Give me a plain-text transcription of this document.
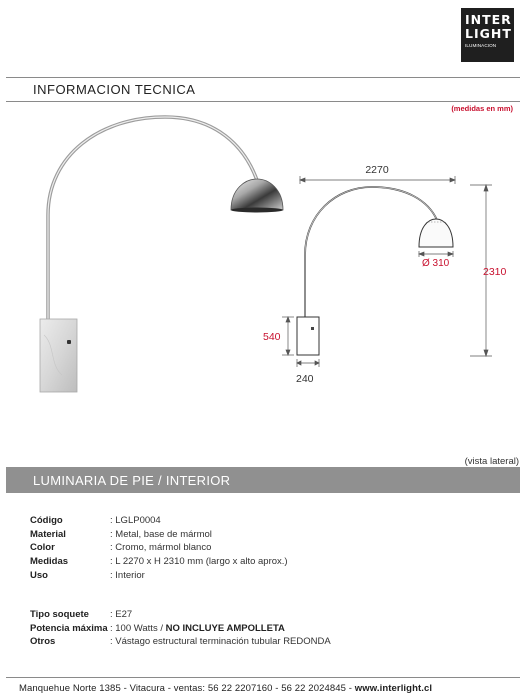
INTER
LIGHT
ILUMINACION
INFORMACION TECNICA
(medidas en mm)
2270
2310
Ø 310
540
240
(vista lateral)
LUMINARIA DE PIE / INTERIOR
Código	: LGLP0004
Material	: Metal, base de mármol
Color	: Cromo, mármol blanco
Medidas	: L 2270 x H 2310 mm (largo x alto aprox.)
Uso	: Interior
Tipo soquete	: E27
Potencia máxima : 100 Watts / NO INCLUYE AMPOLLETA
Otros	: Vástago estructural terminación tubular REDONDA
Manquehue Norte 1385 - Vitacura - ventas: 56 22 2207160 - 56 22 2024845 - www.interlight.cl
